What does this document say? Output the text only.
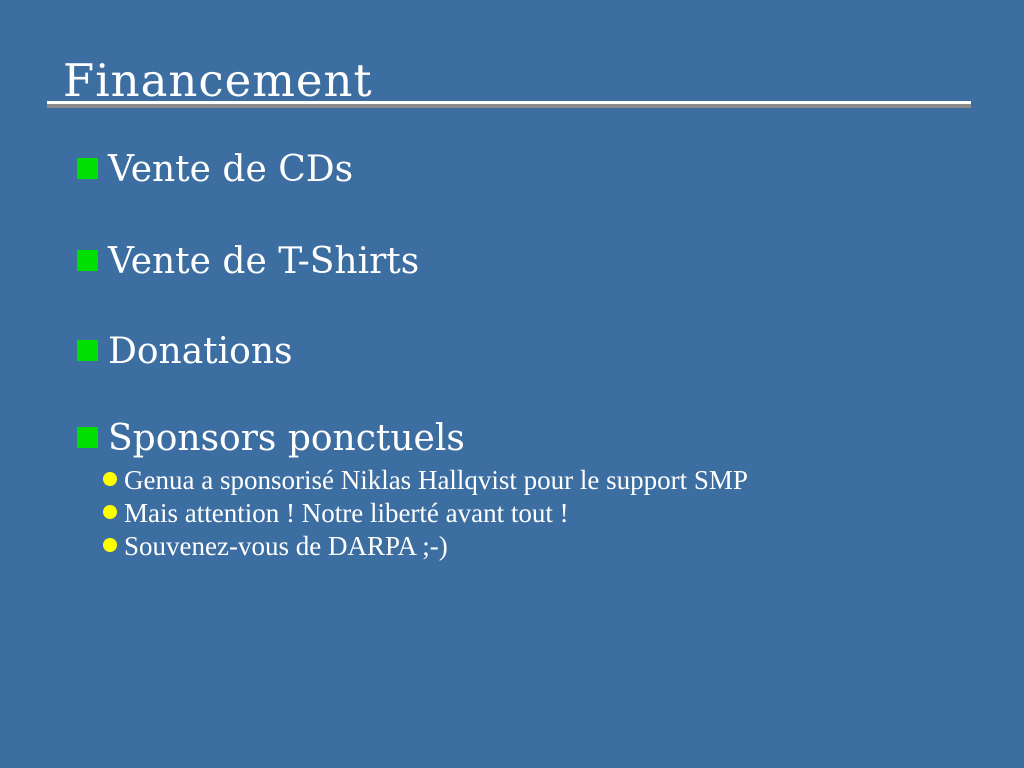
Financement
Vente de CDs
Vente de T-Shirts
Donations
Sponsors ponctuels
Genua a sponsorisé Niklas Hallqvist pour le support SMP
Mais attention ! Notre liberté avant tout !
Souvenez-vous de DARPA ;-)
